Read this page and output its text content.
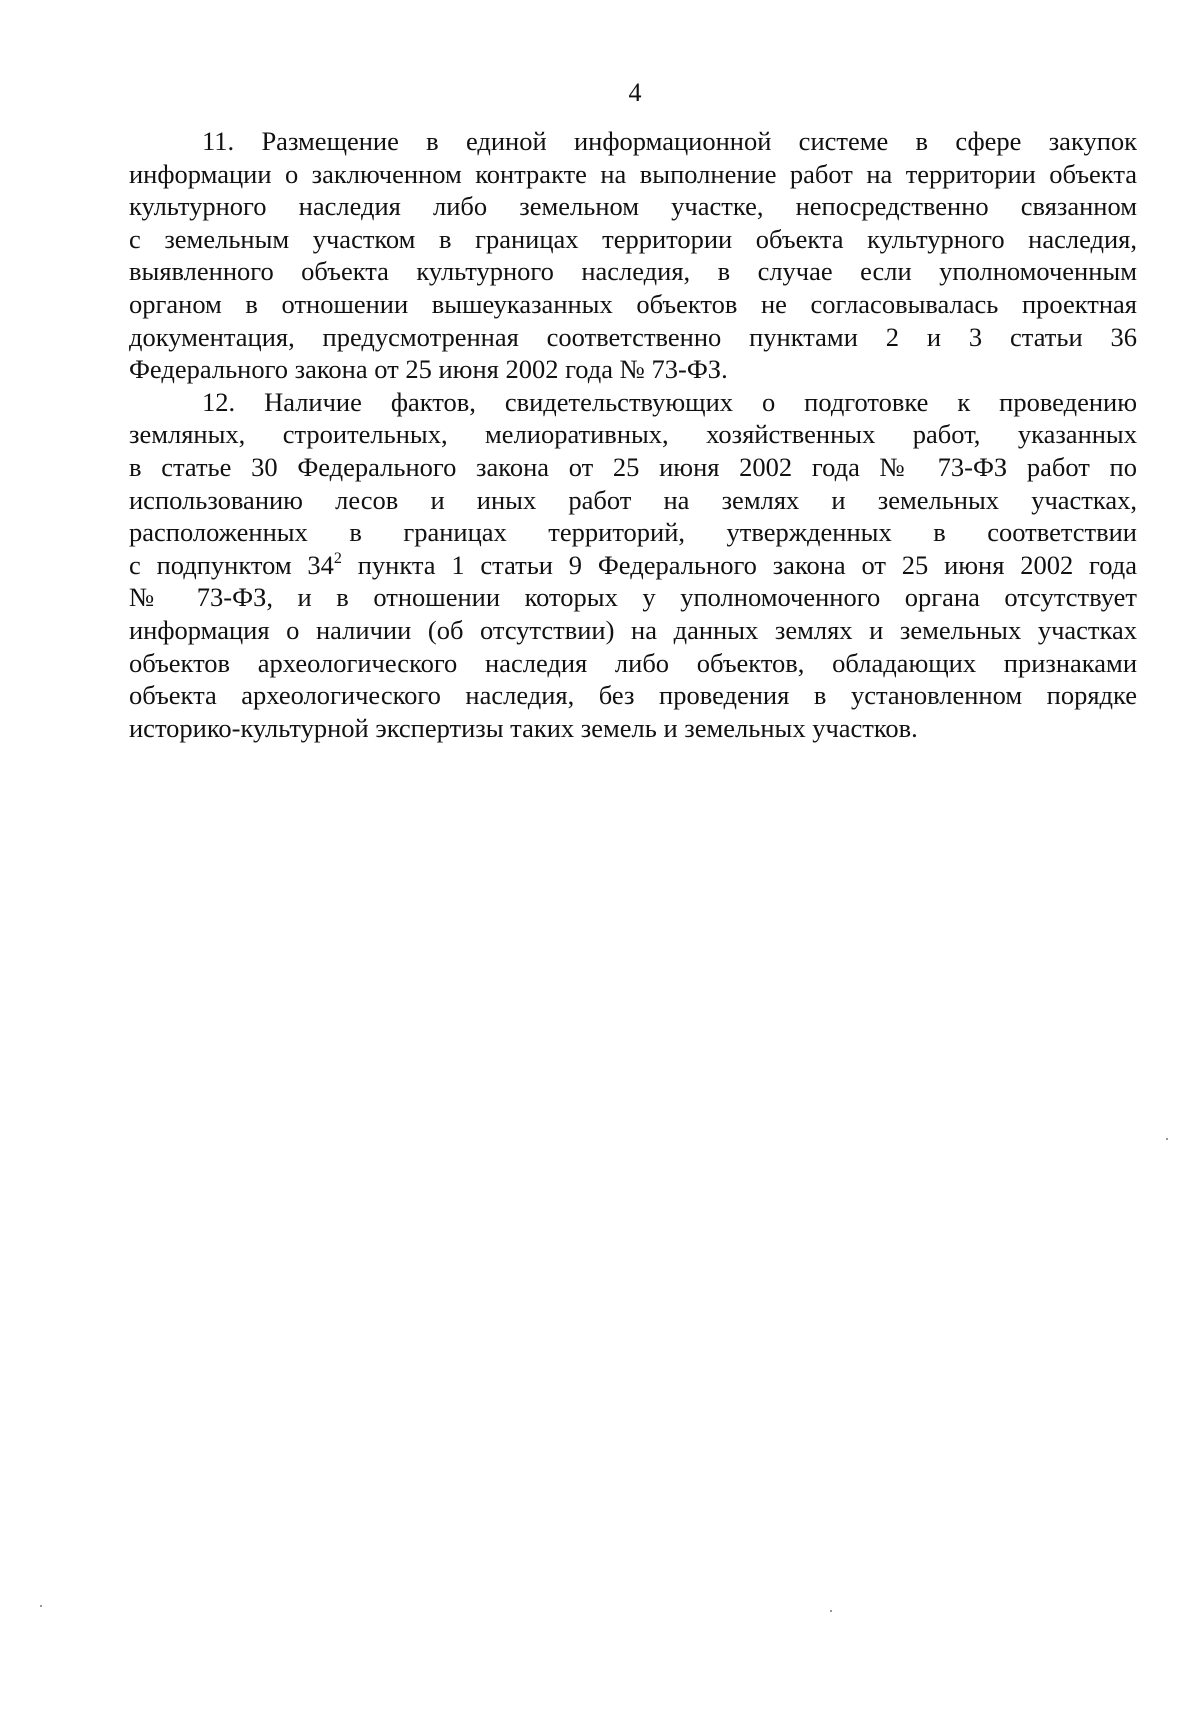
4
11. Размещение в единой информационной системе в сфере закупок
информации о заключенном контракте на выполнение работ на территории объекта
культурного наследия либо земельном участке, непосредственно связанном
с земельным участком в границах территории объекта культурного наследия,
выявленного объекта культурного наследия, в случае если уполномоченным
органом в отношении вышеуказанных объектов не согласовывалась проектная
документация, предусмотренная соответственно пунктами 2 и 3 статьи 36
Федерального закона от 25 июня 2002 года № 73-ФЗ.
12. Наличие фактов, свидетельствующих о подготовке к проведению
земляных, строительных, мелиоративных, хозяйственных работ, указанных
в статье 30 Федерального закона от 25 июня 2002 года № 73-ФЗ работ по
использованию лесов и иных работ на землях и земельных участках,
расположенных в границах территорий, утвержденных в соответствии
с подпунктом $34^2$ пункта 1 статьи 9 Федерального закона от 25 июня 2002 года
№ 73-ФЗ, и в отношении которых у уполномоченного органа отсутствует
информация о наличии (об отсутствии) на данных землях и земельных участках
объектов археологического наследия либо объектов, обладающих признаками
объекта археологического наследия, без проведения в установленном порядке
историко-культурной экспертизы таких земель и земельных участков.
